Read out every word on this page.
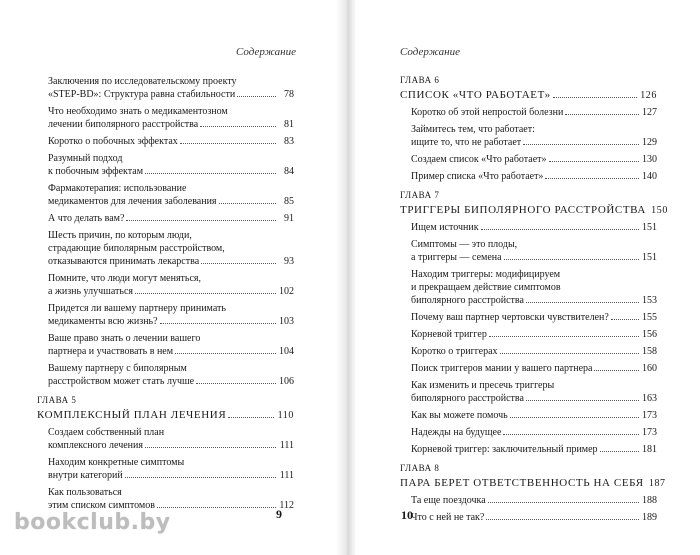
Содержание
Заключения по исследовательскому проекту
«STEP-BD»: Структура равна стабильности	78
Что необходимо знать о медикаментозном
лечении биполярного расстройства	81
Коротко о побочных эффектах	83
Разумный подход
к побочным эффектам	84
Фармакотерапия: использование
медикаментов для лечения заболевания	85
А что делать вам?	91
Шесть причин, по которым люди,
страдающие биполярным расстройством,
отказываются принимать лекарства	93
Помните, что люди могут меняться,
а жизнь улучшаться	102
Придется ли вашему партнеру принимать
медикаменты всю жизнь?	103
Ваше право знать о лечении вашего
партнера и участвовать в нем	104
Вашему партнеру с биполярным
расстройством может стать лучше	106
ГЛАВА 5
КОМПЛЕКСНЫЙ ПЛАН ЛЕЧЕНИЯ	110
Создаем собственный план
комплексного лечения	111
Находим конкретные симптомы
внутри категорий	111
Как пользоваться
этим списком симптомов	112
9
Содержание
ГЛАВА 6
СПИСОК «ЧТО РАБОТАЕТ»	126
Коротко об этой непростой болезни	127
Займитесь тем, что работает:
ищите то, что не работает	129
Создаем список «Что работает»	130
Пример списка «Что работает»	140
ГЛАВА 7
ТРИГГЕРЫ БИПОЛЯРНОГО РАССТРОЙСТВА 150
Ищем источник	151
Симптомы — это плоды,
а триггеры — семена	151
Находим триггеры: модифицируем
и прекращаем действие симптомов
биполярного расстройства	153
Почему ваш партнер чертовски чувствителен?	155
Корневой триггер	156
Коротко о триггерах	158
Поиск триггеров мании у вашего партнера	160
Как изменить и пресечь триггеры
биполярного расстройства	163
Как вы можете помочь	173
Надежды на будущее	173
Корневой триггер: заключительный пример	181
ГЛАВА 8
ПАРА БЕРЕТ ОТВЕТСТВЕННОСТЬ НА СЕБЯ 187
Та еще поездочка	188
Что с ней не так?	189
10
bookclub.by
